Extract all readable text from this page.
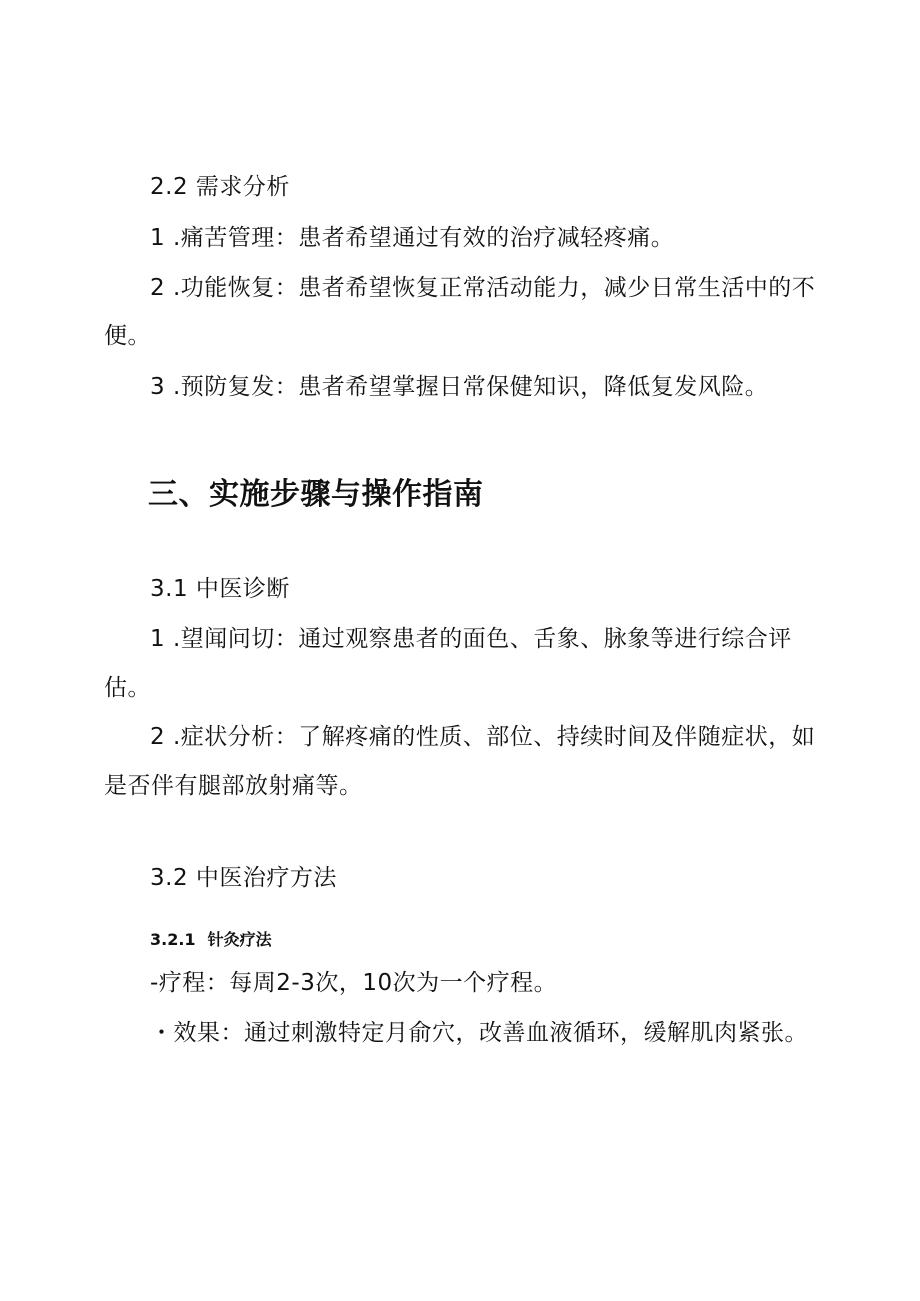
2.2 需求分析
1 .痛苦管理：患者希望通过有效的治疗减轻疼痛。
2 .功能恢复：患者希望恢复正常活动能力，减少日常生活中的不
便。
3 .预防复发：患者希望掌握日常保健知识，降低复发风险。
三、实施步骤与操作指南
3.1 中医诊断
1 .望闻问切：通过观察患者的面色、舌象、脉象等进行综合评
估。
2 .症状分析：了解疼痛的性质、部位、持续时间及伴随症状，如
是否伴有腿部放射痛等。
3.2 中医治疗方法
3.2.1 针灸疗法
-疗程：每周2-3次，10次为一个疗程。
・效果：通过刺激特定月俞穴，改善血液循环，缓解肌肉紧张。
